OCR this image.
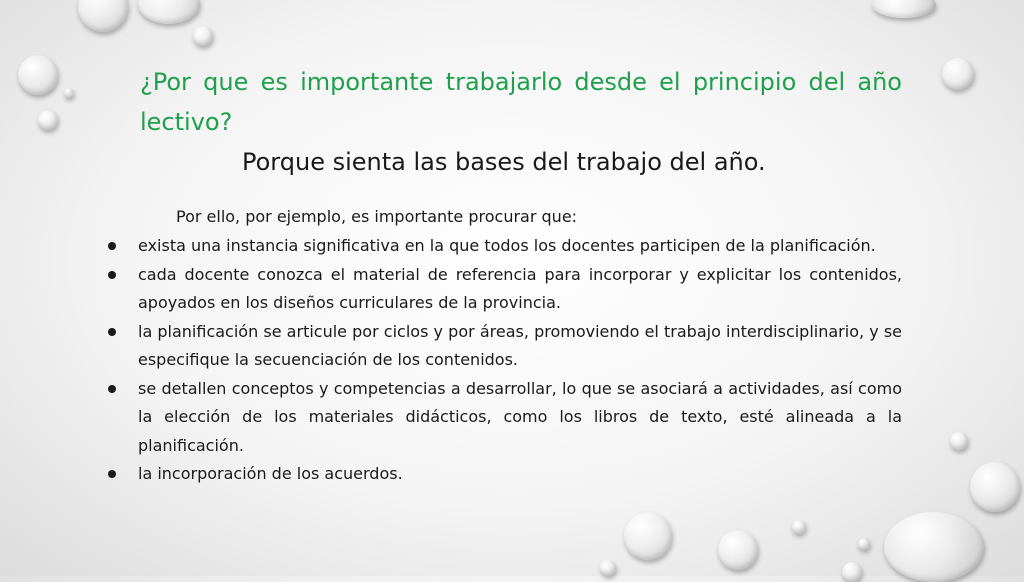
¿Por que es importante trabajarlo desde el principio del año lectivo?
Porque sienta las bases del trabajo del año.
Por ello, por ejemplo, es importante procurar que:
exista una instancia significativa en la que todos los docentes participen de la planificación.
cada docente conozca el material de referencia para incorporar y explicitar los contenidos, apoyados en los diseños curriculares de la provincia.
la planificación se articule por ciclos y por áreas, promoviendo el trabajo interdisciplinario, y se especifique la secuenciación de los contenidos.
se detallen conceptos y competencias a desarrollar, lo que se asociará a actividades, así como la elección de los materiales didácticos, como los libros de texto, esté alineada a la planificación.
la incorporación de los acuerdos.
